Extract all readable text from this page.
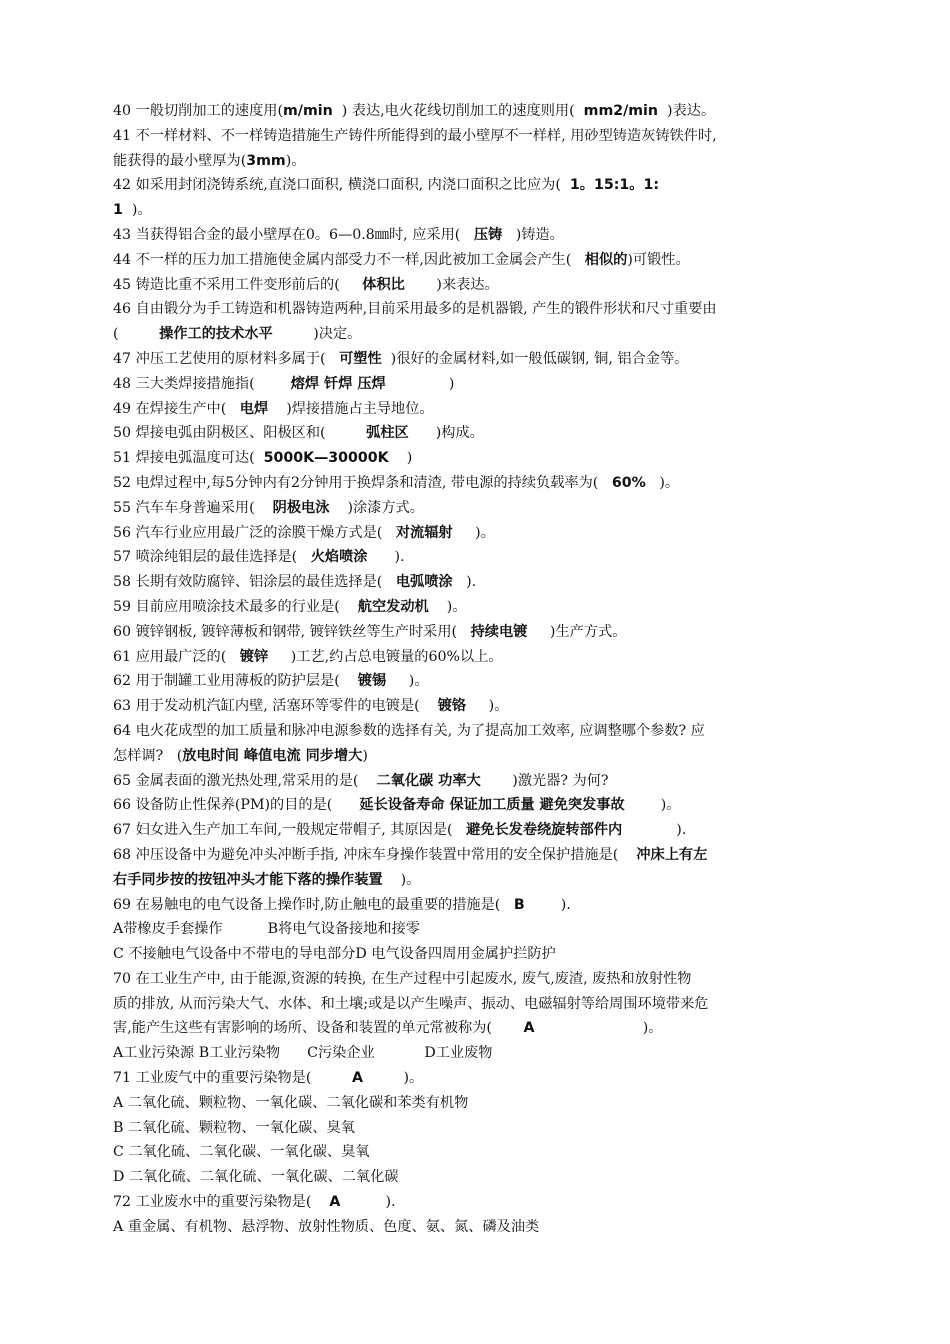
40 一般切削加工的速度用(m/min  ) 表达,电火花线切削加工的速度则用(  mm2/min  )表达。
41 不一样材料、不一样铸造措施生产铸件所能得到的最小壁厚不一样样, 用砂型铸造灰铸铁件时,
能获得的最小壁厚为(3mm)。
42 如采用封闭浇铸系统,直浇口面积, 横浇口面积, 内浇口面积之比应为(  1。15:1。1:
1  )。
43 当获得铝合金的最小壁厚在0。6—0.8㎜时, 应采用(   压铸   )铸造。
44 不一样的压力加工措施使金属内部受力不一样,因此被加工金属会产生(   相似的)可锻性。
45 铸造比重不采用工件变形前后的(     体积比       )来表达。
46 自由锻分为手工铸造和机器铸造两种,目前采用最多的是机器锻, 产生的锻件形状和尺寸重要由
(         操作工的技术水平         )决定。
47 冲压工艺使用的原材料多属于(   可塑性  )很好的金属材料,如一般低碳钢, 铜, 铝合金等。
48 三大类焊接措施指(        熔焊 钎焊 压焊              )
49 在焊接生产中(   电焊    )焊接措施占主导地位。
50 焊接电弧由阴极区、阳极区和(         弧柱区      )构成。
51 焊接电弧温度可达(  5000K—30000K    )
52 电焊过程中,每5分钟内有2分钟用于换焊条和清渣, 带电源的持续负载率为(   60%   )。
55 汽车车身普遍采用(    阴极电泳    )涂漆方式。
56 汽车行业应用最广泛的涂膜干燥方式是(   对流辐射     )。
57 喷涂纯钼层的最佳选择是(   火焰喷涂      ).
58 长期有效防腐锌、铝涂层的最佳选择是(   电弧喷涂   ).
59 目前应用喷涂技术最多的行业是(    航空发动机    )。
60 镀锌钢板, 镀锌薄板和钢带, 镀锌铁丝等生产时采用(   持续电镀     )生产方式。
61 应用最广泛的(   镀锌     )工艺,约占总电镀量的60%以上。
62 用于制罐工业用薄板的防护层是(    镀锡     )。
63 用于发动机汽缸内壁, 活塞环等零件的电镀是(    镀铬     )。
64 电火花成型的加工质量和脉冲电源参数的选择有关, 为了提高加工效率, 应调整哪个参数? 应
怎样调?   (放电时间 峰值电流 同步增大)
65 金属表面的激光热处理,常采用的是(    二氧化碳 功率大       )激光器? 为何?
66 设备防止性保养(PM)的目的是(      延长设备寿命 保证加工质量 避免突发事故        )。
67 妇女进入生产加工车间,一般规定带帽子, 其原因是(   避免长发卷绕旋转部件内            ).
68 冲压设备中为避免冲头冲断手指, 冲床车身操作装置中常用的安全保护措施是(    冲床上有左
右手同步按的按钮冲头才能下落的操作装置    )。
69 在易触电的电气设备上操作时,防止触电的最重要的措施是(   B        ).
A带橡皮手套操作          B将电气设备接地和接零
C 不接触电气设备中不带电的导电部分D 电气设备四周用金属护拦防护
70 在工业生产中, 由于能源,资源的转换, 在生产过程中引起废水, 废气,废渣, 废热和放射性物
质的排放, 从而污染大气、水体、和土壤;或是以产生噪声、振动、电磁辐射等给周围环境带来危
害,能产生这些有害影响的场所、设备和装置的单元常被称为(       A                        )。
A工业污染源 B工业污染物      C污染企业           D工业废物
71 工业废气中的重要污染物是(         A         )。
A 二氧化硫、颗粒物、一氧化碳、二氧化碳和苯类有机物
B 二氧化硫、颗粒物、一氧化碳、臭氧
C 二氧化硫、二氧化碳、一氧化碳、臭氧
D 二氧化硫、二氧化硫、一氧化碳、二氧化碳
72 工业废水中的重要污染物是(    A          ).
A 重金属、有机物、悬浮物、放射性物质、色度、氨、氮、磷及油类
